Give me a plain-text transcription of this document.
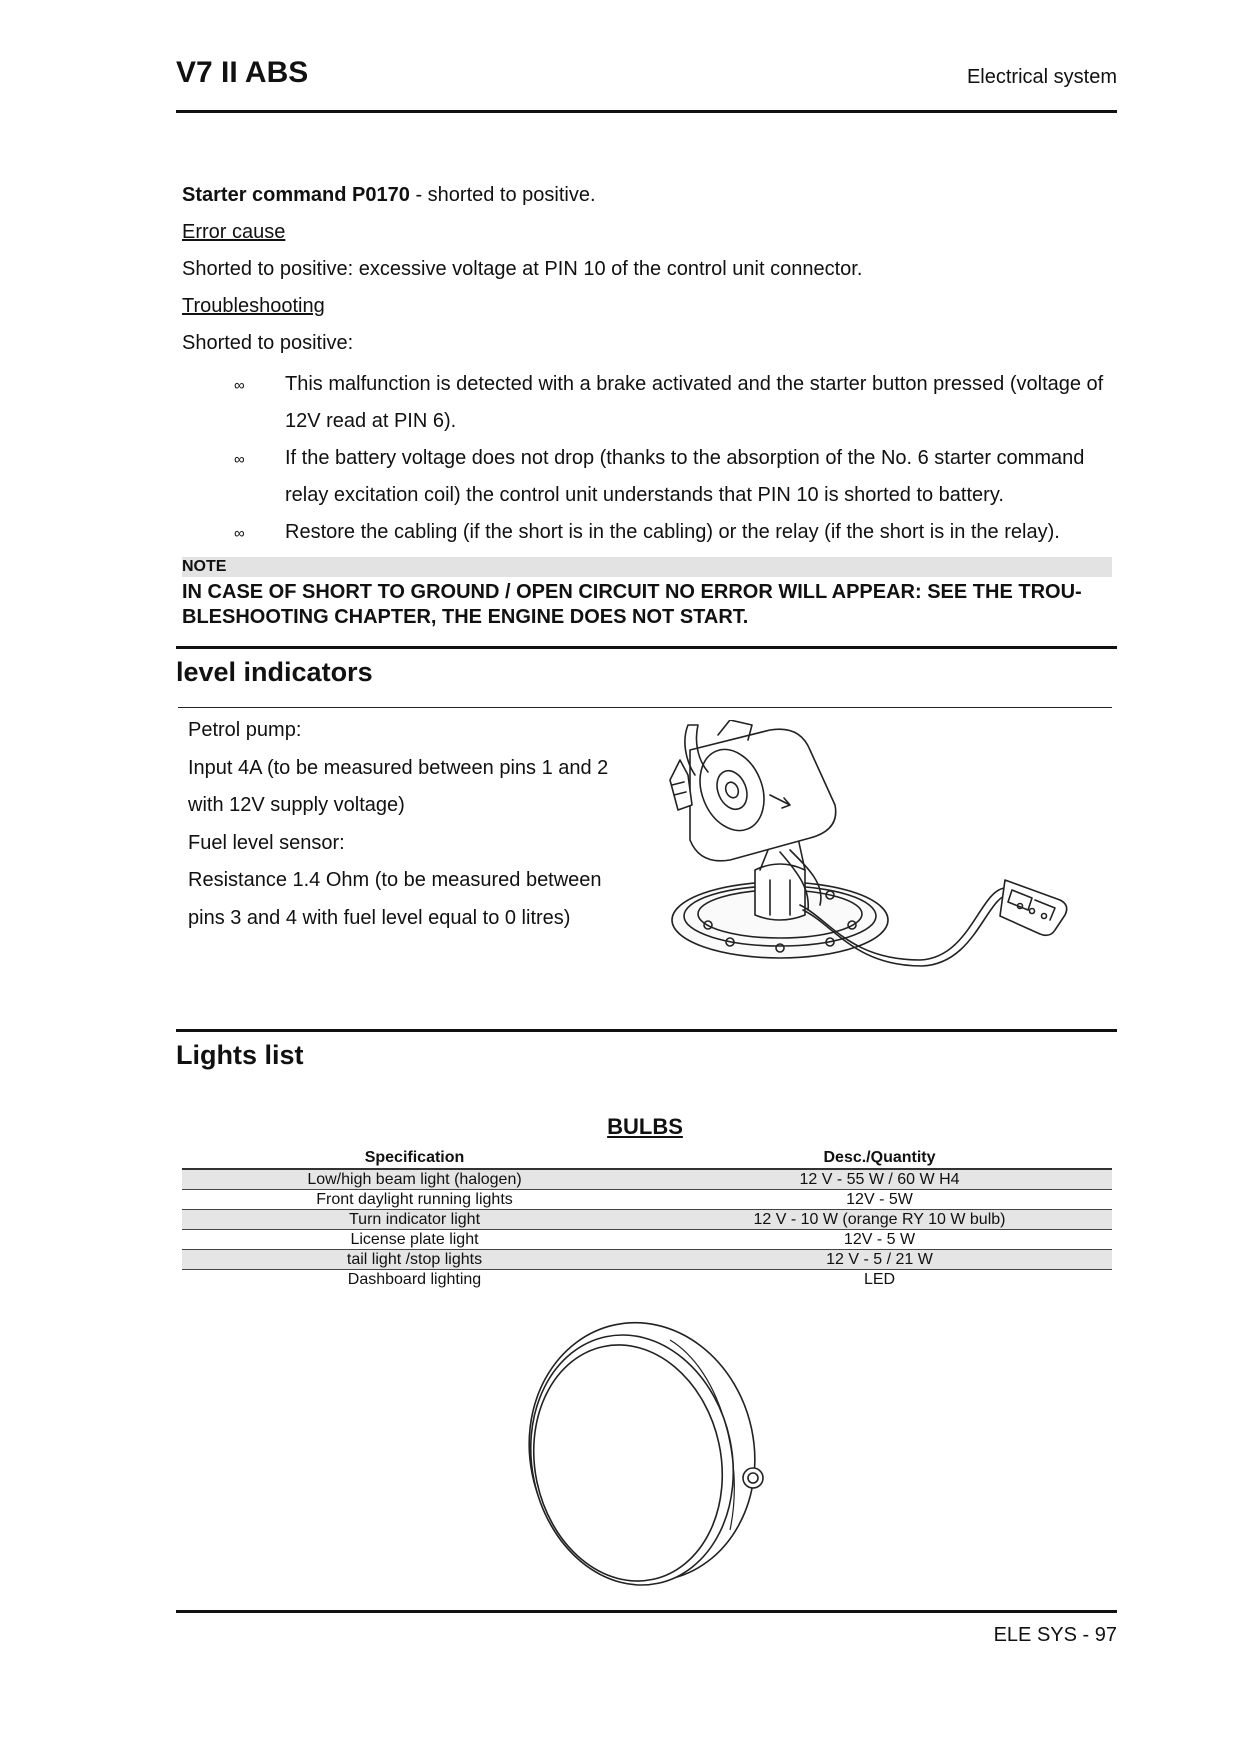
V7 II ABS	Electrical system
Starter command P0170 - shorted to positive.
Error cause
Shorted to positive: excessive voltage at PIN 10 of the control unit connector.
Troubleshooting
Shorted to positive:
∞ This malfunction is detected with a brake activated and the starter button pressed (voltage of 12V read at PIN 6).
∞ If the battery voltage does not drop (thanks to the absorption of the No. 6 starter command relay excitation coil) the control unit understands that PIN 10 is shorted to battery.
∞ Restore the cabling (if the short is in the cabling) or the relay (if the short is in the relay).
NOTE
IN CASE OF SHORT TO GROUND / OPEN CIRCUIT NO ERROR WILL APPEAR: SEE THE TROU-BLESHOOTING CHAPTER, THE ENGINE DOES NOT START.
level indicators
Petrol pump:
Input 4A (to be measured between pins 1 and 2
with 12V supply voltage)
Fuel level sensor:
Resistance 1.4 Ohm (to be measured between
pins 3 and 4 with fuel level equal to 0 litres)
Lights list
BULBS
Specification	Desc./Quantity
Low/high beam light (halogen)	12 V - 55 W / 60 W H4
Front daylight running lights	12V - 5W
Turn indicator light	12 V - 10 W (orange RY 10 W bulb)
License plate light	12V - 5 W
tail light /stop lights	12 V - 5 / 21 W
Dashboard lighting	LED
ELE SYS - 97
